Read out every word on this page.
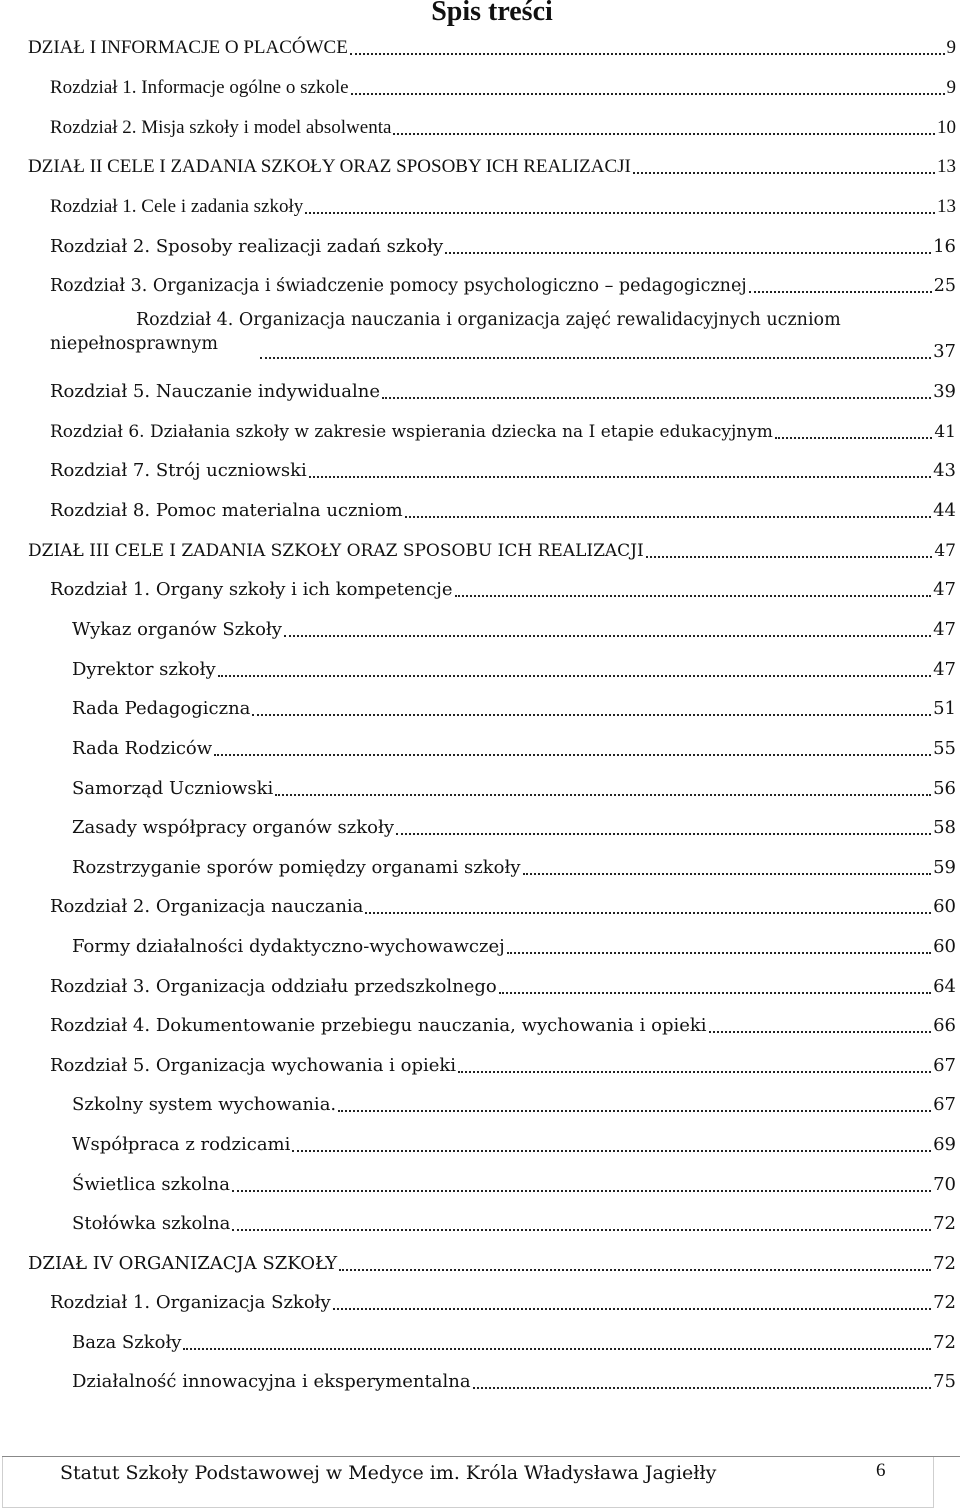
Spis treści
DZIAŁ I INFORMACJE O PLACÓWCE	9
Rozdział 1. Informacje ogólne o szkole	9
Rozdział 2. Misja szkoły i model absolwenta	10
DZIAŁ II CELE I ZADANIA SZKOŁY ORAZ SPOSOBY ICH REALIZACJI	13
Rozdział 1. Cele i zadania szkoły	13
Rozdział 2. Sposoby realizacji zadań szkoły	16
Rozdział 3. Organizacja i świadczenie pomocy psychologiczno – pedagogicznej	25
Rozdział 4. Organizacja nauczania i organizacja zajęć rewalidacyjnych uczniom
niepełnosprawnym	37
Rozdział 5. Nauczanie indywidualne	39
Rozdział 6. Działania szkoły w zakresie wspierania dziecka na I etapie edukacyjnym	41
Rozdział 7. Strój uczniowski	43
Rozdział 8. Pomoc materialna uczniom	44
DZIAŁ III CELE I ZADANIA SZKOŁY ORAZ SPOSOBU ICH REALIZACJI	47
Rozdział 1. Organy szkoły i ich kompetencje	47
Wykaz organów Szkoły	47
Dyrektor szkoły	47
Rada Pedagogiczna	51
Rada Rodziców	55
Samorząd Uczniowski	56
Zasady współpracy organów szkoły	58
Rozstrzyganie sporów pomiędzy organami szkoły	59
Rozdział 2. Organizacja nauczania	60
Formy działalności dydaktyczno-wychowawczej	60
Rozdział 3. Organizacja oddziału przedszkolnego	64
Rozdział 4. Dokumentowanie przebiegu nauczania, wychowania i opieki	66
Rozdział 5. Organizacja wychowania i opieki	67
Szkolny system wychowania.	67
Współpraca z rodzicami	69
Świetlica szkolna	70
Stołówka szkolna	72
DZIAŁ IV ORGANIZACJA SZKOŁY	72
Rozdział 1. Organizacja Szkoły	72
Baza Szkoły	72
Działalność innowacyjna i eksperymentalna	75
Statut Szkoły Podstawowej w Medyce im. Króla Władysława Jagiełły	6
